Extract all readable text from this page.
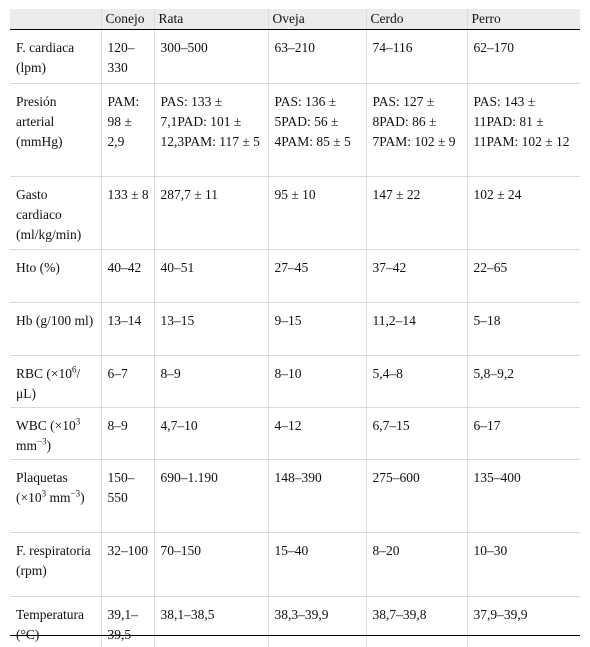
	Conejo	Rata	Oveja	Cerdo	Perro
F. cardiaca (lpm)	120–330	300–500	63–210	74–116	62–170
Presión arterial (mmHg)	PAM: 98 ± 2,9	PAS: 133 ± 7,1PAD: 101 ± 12,3PAM: 117 ± 5	PAS: 136 ± 5PAD: 56 ± 4PAM: 85 ± 5	PAS: 127 ± 8PAD: 86 ± 7PAM: 102 ± 9	PAS: 143 ± 11PAD: 81 ± 11PAM: 102 ± 12
Gasto cardiaco (ml/kg/min)	133 ± 8	287,7 ± 11	95 ± 10	147 ± 22	102 ± 24
Hto (%)	40–42	40–51	27–45	37–42	22–65
Hb (g/100 ml)	13–14	13–15	9–15	11,2–14	5–18
RBC $(\times 10^6/\mu L)$	6–7	8–9	8–10	5,4–8	5,8–9,2
WBC ($\times 10^3$ $mm^{-3}$)	8–9	4,7–10	4–12	6,7–15	6–17
Plaquetas ($\times 10^3$ $mm^{-3}$)	150–550	690–1.190	148–390	275–600	135–400
F. respiratoria (rpm)	32–100	70–150	15–40	8–20	10–30
Temperatura (°C)	39,1–39,5	38,1–38,5	38,3–39,9	38,7–39,8	37,9–39,9
